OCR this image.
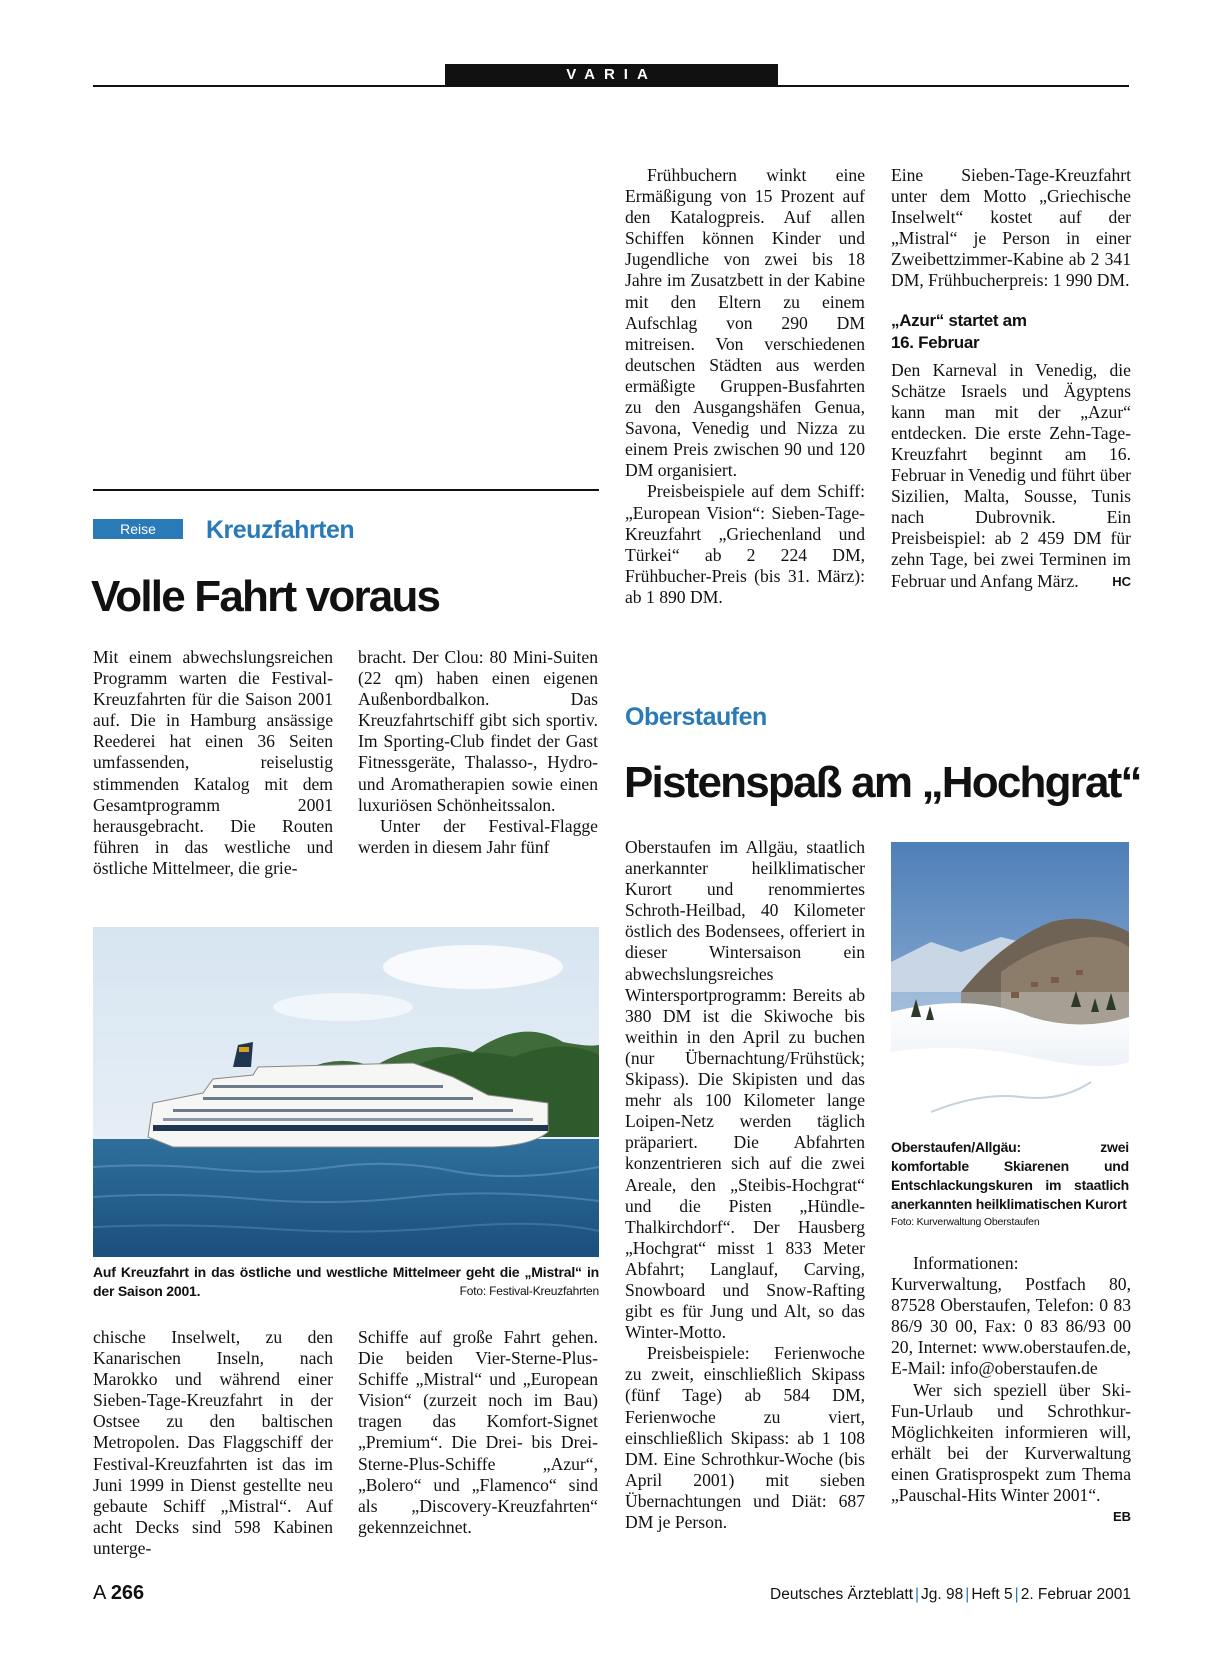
VARIA
Reise	Kreuzfahrten
Volle Fahrt voraus

Mit einem abwechslungsreichen Programm warten die Festival-Kreuzfahrten für die Saison 2001 auf. Die in Hamburg ansässige Reederei hat einen 36 Seiten umfassenden, reiselustig stimmenden Katalog mit dem Gesamtprogramm 2001 herausgebracht. Die Routen führen in das westliche und östliche Mittelmeer, die grie-

bracht. Der Clou: 80 Mini-Suiten (22 qm) haben einen eigenen Außenbordbalkon. Das Kreuzfahrtschiff gibt sich sportiv. Im Sporting-Club findet der Gast Fitnessgeräte, Thalasso-, Hydro- und Aromatherapien sowie einen luxuriösen Schönheitssalon.

Unter der Festival-Flagge werden in diesem Jahr fünf

Auf Kreuzfahrt in das östliche und westliche Mittelmeer geht die „Mistral“ in der Saison 2001.	Foto: Festival-Kreuzfahrten

chische Inselwelt, zu den Kanarischen Inseln, nach Marokko und während einer Sieben-Tage-Kreuzfahrt in der Ostsee zu den baltischen Metropolen. Das Flaggschiff der Festival-Kreuzfahrten ist das im Juni 1999 in Dienst gestellte neu gebaute Schiff „Mistral“. Auf acht Decks sind 598 Kabinen unterge-

Schiffe auf große Fahrt gehen. Die beiden Vier-Sterne-Plus-Schiffe „Mistral“ und „European Vision“ (zurzeit noch im Bau) tragen das Komfort-Signet „Premium“. Die Drei- bis Drei-Sterne-Plus-Schiffe „Azur“, „Bolero“ und „Flamenco“ sind als „Discovery-Kreuzfahrten“ gekennzeichnet.

Frühbuchern winkt eine Ermäßigung von 15 Prozent auf den Katalogpreis. Auf allen Schiffen können Kinder und Jugendliche von zwei bis 18 Jahre im Zusatzbett in der Kabine mit den Eltern zu einem Aufschlag von 290 DM mitreisen. Von verschiedenen deutschen Städten aus werden ermäßigte Gruppen-Busfahrten zu den Ausgangshäfen Genua, Savona, Venedig und Nizza zu einem Preis zwischen 90 und 120 DM organisiert.

Preisbeispiele auf dem Schiff: „European Vision“: Sieben-Tage-Kreuzfahrt „Griechenland und Türkei“ ab 2 224 DM, Frühbucher-Preis (bis 31. März): ab 1 890 DM.

Eine Sieben-Tage-Kreuzfahrt unter dem Motto „Griechische Inselwelt“ kostet auf der „Mistral“ je Person in einer Zweibettzimmer-Kabine ab 2 341 DM, Frühbucherpreis: 1 990 DM.

„Azur“ startet am 16. Februar

Den Karneval in Venedig, die Schätze Israels und Ägyptens kann man mit der „Azur“ entdecken. Die erste Zehn-Tage-Kreuzfahrt beginnt am 16. Februar in Venedig und führt über Sizilien, Malta, Sousse, Tunis nach Dubrovnik. Ein Preisbeispiel: ab 2 459 DM für zehn Tage, bei zwei Terminen im Februar und Anfang März.	HC

Oberstaufen
Pistenspaß am „Hochgrat“

Oberstaufen im Allgäu, staatlich anerkannter heilklimatischer Kurort und renommiertes Schroth-Heilbad, 40 Kilometer östlich des Bodensees, offeriert in dieser Wintersaison ein abwechslungsreiches Wintersportprogramm: Bereits ab 380 DM ist die Skiwoche bis weithin in den April zu buchen (nur Übernachtung/Frühstück; Skipass). Die Skipisten und das mehr als 100 Kilometer lange Loipen-Netz werden täglich präpariert. Die Abfahrten konzentrieren sich auf die zwei Areale, den „Steibis-Hochgrat“ und die Pisten „Hündle-Thalkirchdorf“. Der Hausberg „Hochgrat“ misst 1 833 Meter Abfahrt; Langlauf, Carving, Snowboard und Snow-Rafting gibt es für Jung und Alt, so das Winter-Motto.

Preisbeispiele: Ferienwoche zu zweit, einschließlich Skipass (fünf Tage) ab 584 DM, Ferienwoche zu viert, einschließlich Skipass: ab 1 108 DM. Eine Schrothkur-Woche (bis April 2001) mit sieben Übernachtungen und Diät: 687 DM je Person.

Oberstaufen/Allgäu: zwei komfortable Skiarenen und Entschlackungskuren im staatlich anerkannten heilklimatischen Kurort
Foto: Kurverwaltung Oberstaufen

Informationen: Kurverwaltung, Postfach 80, 87528 Oberstaufen, Telefon: 0 83 86/9 30 00, Fax: 0 83 86/93 00 20, Internet: www.oberstaufen.de, E-Mail: info@oberstaufen.de

Wer sich speziell über Ski-Fun-Urlaub und Schrothkur-Möglichkeiten informieren will, erhält bei der Kurverwaltung einen Gratisprospekt zum Thema „Pauschal-Hits Winter 2001“.
EB

A 266	Deutsches Ärzteblatt | Jg. 98 | Heft 5 | 2. Februar 2001
